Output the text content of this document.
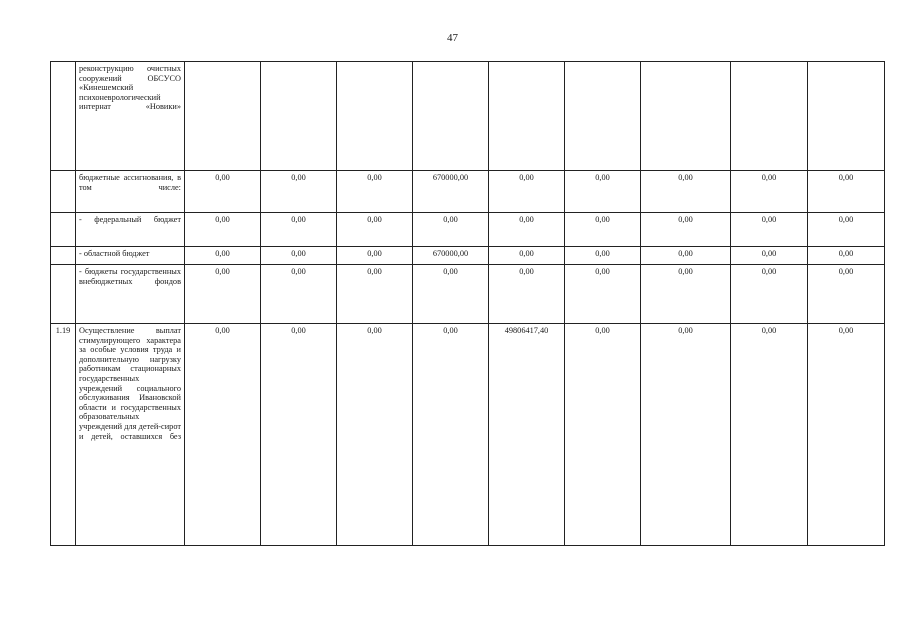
47
	реконструкцию очистных сооружений ОБСУСО «Кинешемский психоневрологический интернат «Новики»									
	бюджетные ассигнования, в том числе:	0,00	0,00	0,00	670000,00	0,00	0,00	0,00	0,00	0,00
	- федеральный бюджет	0,00	0,00	0,00	0,00	0,00	0,00	0,00	0,00	0,00
	- областной бюджет	0,00	0,00	0,00	670000,00	0,00	0,00	0,00	0,00	0,00
	- бюджеты государственных внебюджетных фондов	0,00	0,00	0,00	0,00	0,00	0,00	0,00	0,00	0,00
1.19	Осуществление выплат стимулирующего характера за особые условия труда и дополнительную нагрузку работникам стационарных государственных учреждений социального обслуживания Ивановской области и государственных образовательных учреждений для детей-сирот и детей, оставшихся без	0,00	0,00	0,00	0,00	49806417,40	0,00	0,00	0,00	0,00
